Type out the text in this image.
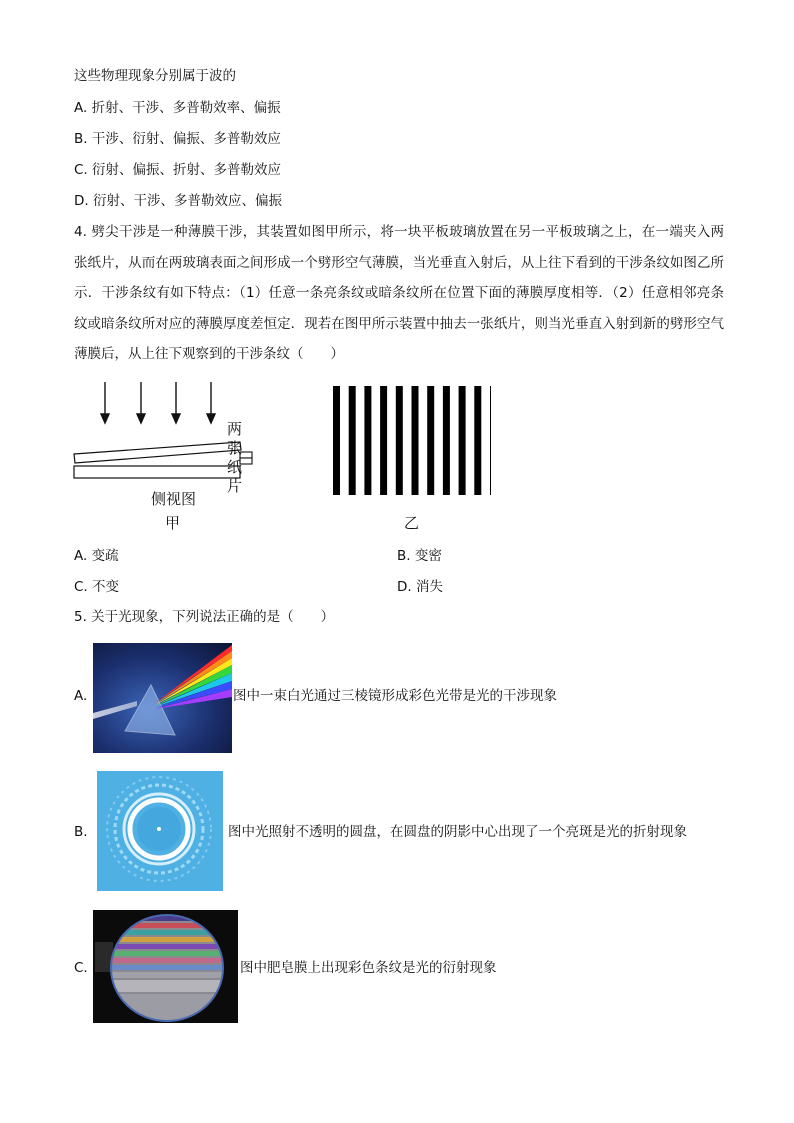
这些物理现象分别属于波的
A. 折射、干涉、多普勒效率、偏振
B. 干涉、衍射、偏振、多普勒效应
C. 衍射、偏振、折射、多普勒效应
D. 衍射、干涉、多普勒效应、偏振
4. 劈尖干涉是一种薄膜干涉，其装置如图甲所示，将一块平板玻璃放置在另一平板玻璃之上，在一端夹入两张纸片，从而在两玻璃表面之间形成一个劈形空气薄膜，当光垂直入射后，从上往下看到的干涉条纹如图乙所示．干涉条纹有如下特点：（1）任意一条亮条纹或暗条纹所在位置下面的薄膜厚度相等．（2）任意相邻亮条纹或暗条纹所对应的薄膜厚度差恒定．现若在图甲所示装置中抽去一张纸片，则当光垂直入射到新的劈形空气薄膜后，从上往下观察到的干涉条纹（　　）
两张纸片
侧视图
甲	乙
A. 变疏	B. 变密
C. 不变	D. 消失
5. 关于光现象，下列说法正确的是（　　）
A.	图中一束白光通过三棱镜形成彩色光带是光的干涉现象
B.	图中光照射不透明的圆盘，在圆盘的阴影中心出现了一个亮斑是光的折射现象
C.	图中肥皂膜上出现彩色条纹是光的衍射现象
